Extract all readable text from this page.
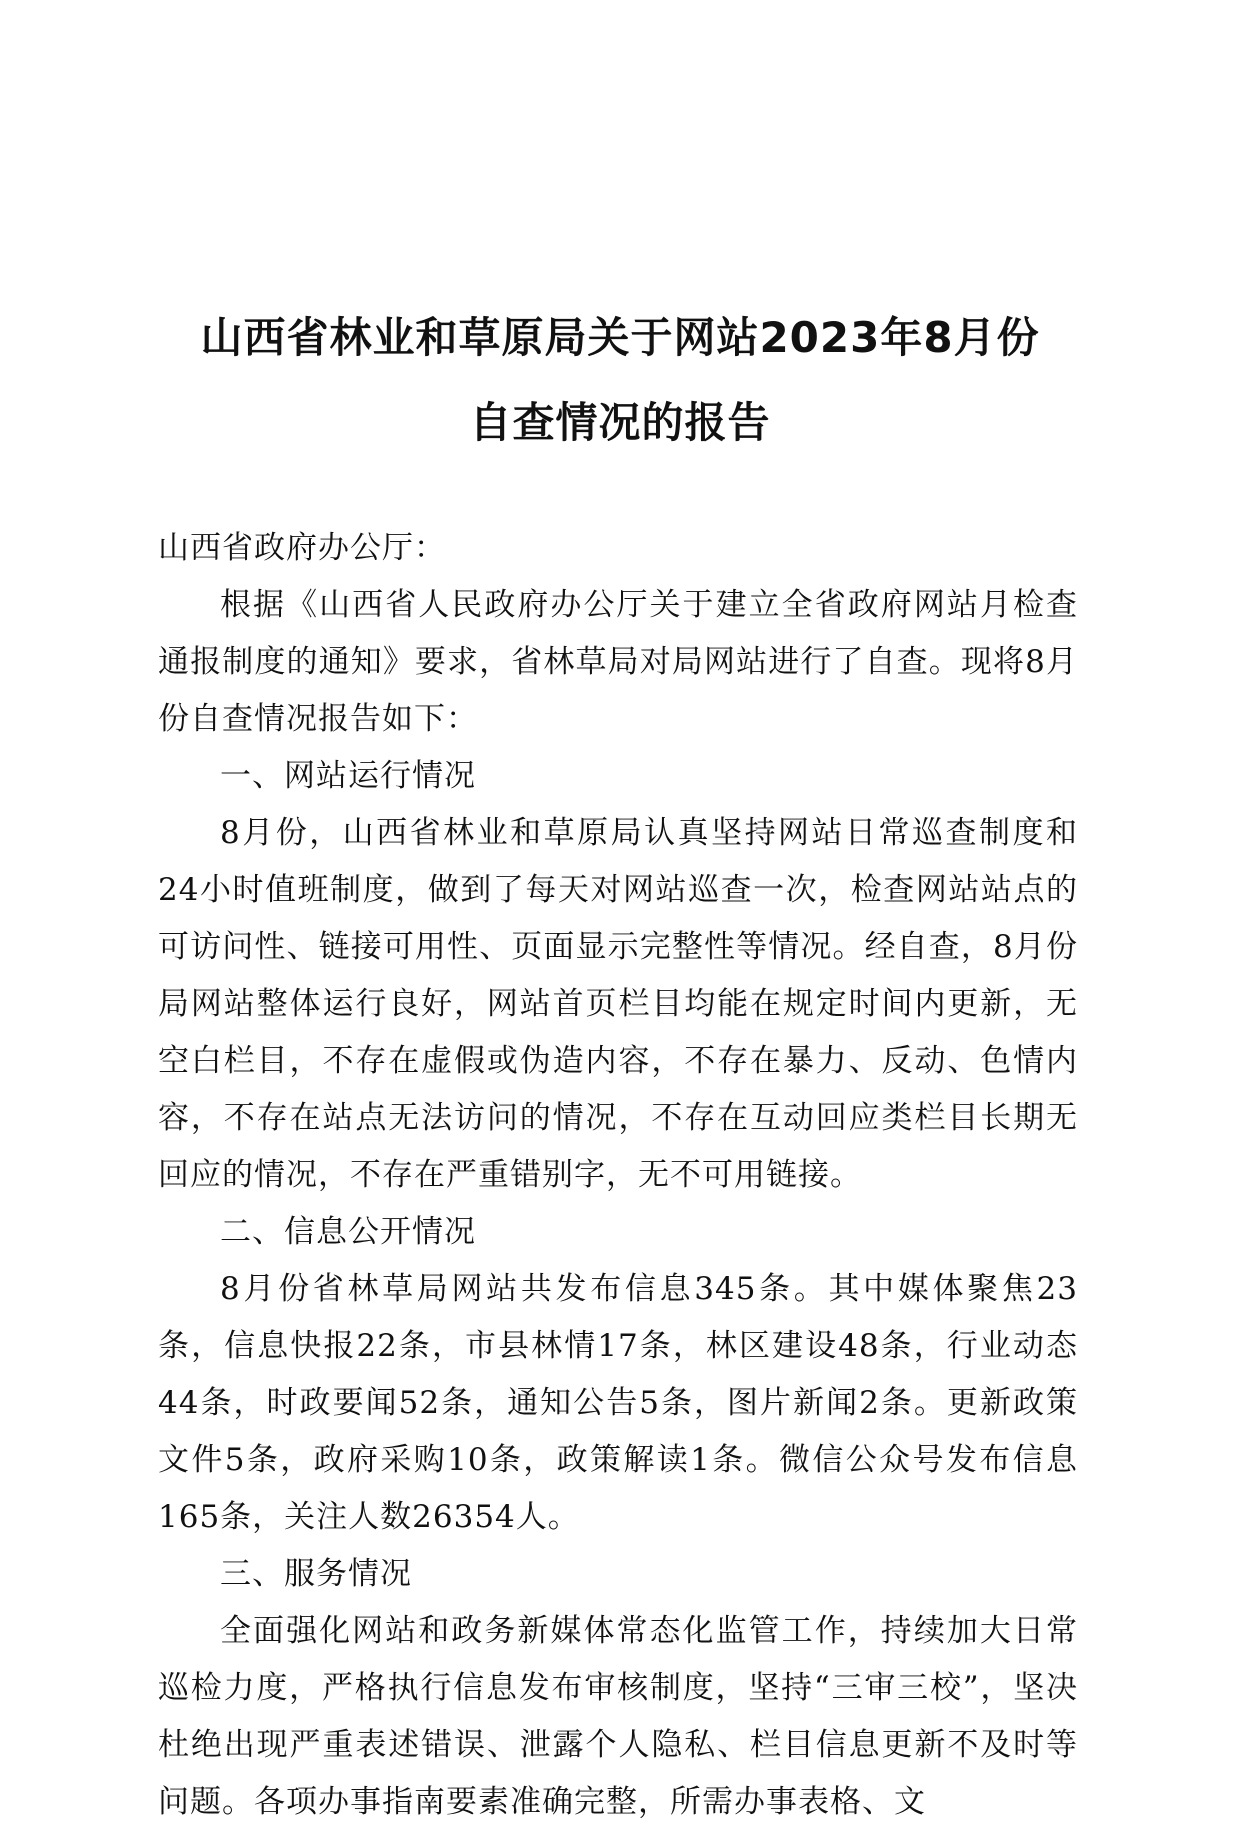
山西省林业和草原局关于网站2023年8月份
自查情况的报告

山西省政府办公厅：

根据《山西省人民政府办公厅关于建立全省政府网站月检查通报制度的通知》要求，省林草局对局网站进行了自查。现将8月份自查情况报告如下：

一、网站运行情况

8月份，山西省林业和草原局认真坚持网站日常巡查制度和24小时值班制度，做到了每天对网站巡查一次，检查网站站点的可访问性、链接可用性、页面显示完整性等情况。经自查，8月份局网站整体运行良好，网站首页栏目均能在规定时间内更新，无空白栏目，不存在虚假或伪造内容，不存在暴力、反动、色情内容，不存在站点无法访问的情况，不存在互动回应类栏目长期无回应的情况，不存在严重错别字，无不可用链接。

二、信息公开情况

8月份省林草局网站共发布信息345条。其中媒体聚焦23条，信息快报22条，市县林情17条，林区建设48条，行业动态44条，时政要闻52条，通知公告5条，图片新闻2条。更新政策文件5条，政府采购10条，政策解读1条。微信公众号发布信息165条，关注人数26354人。

三、服务情况

全面强化网站和政务新媒体常态化监管工作，持续加大日常巡检力度，严格执行信息发布审核制度，坚持“三审三校”，坚决杜绝出现严重表述错误、泄露个人隐私、栏目信息更新不及时等问题。各项办事指南要素准确完整，所需办事表格、文
